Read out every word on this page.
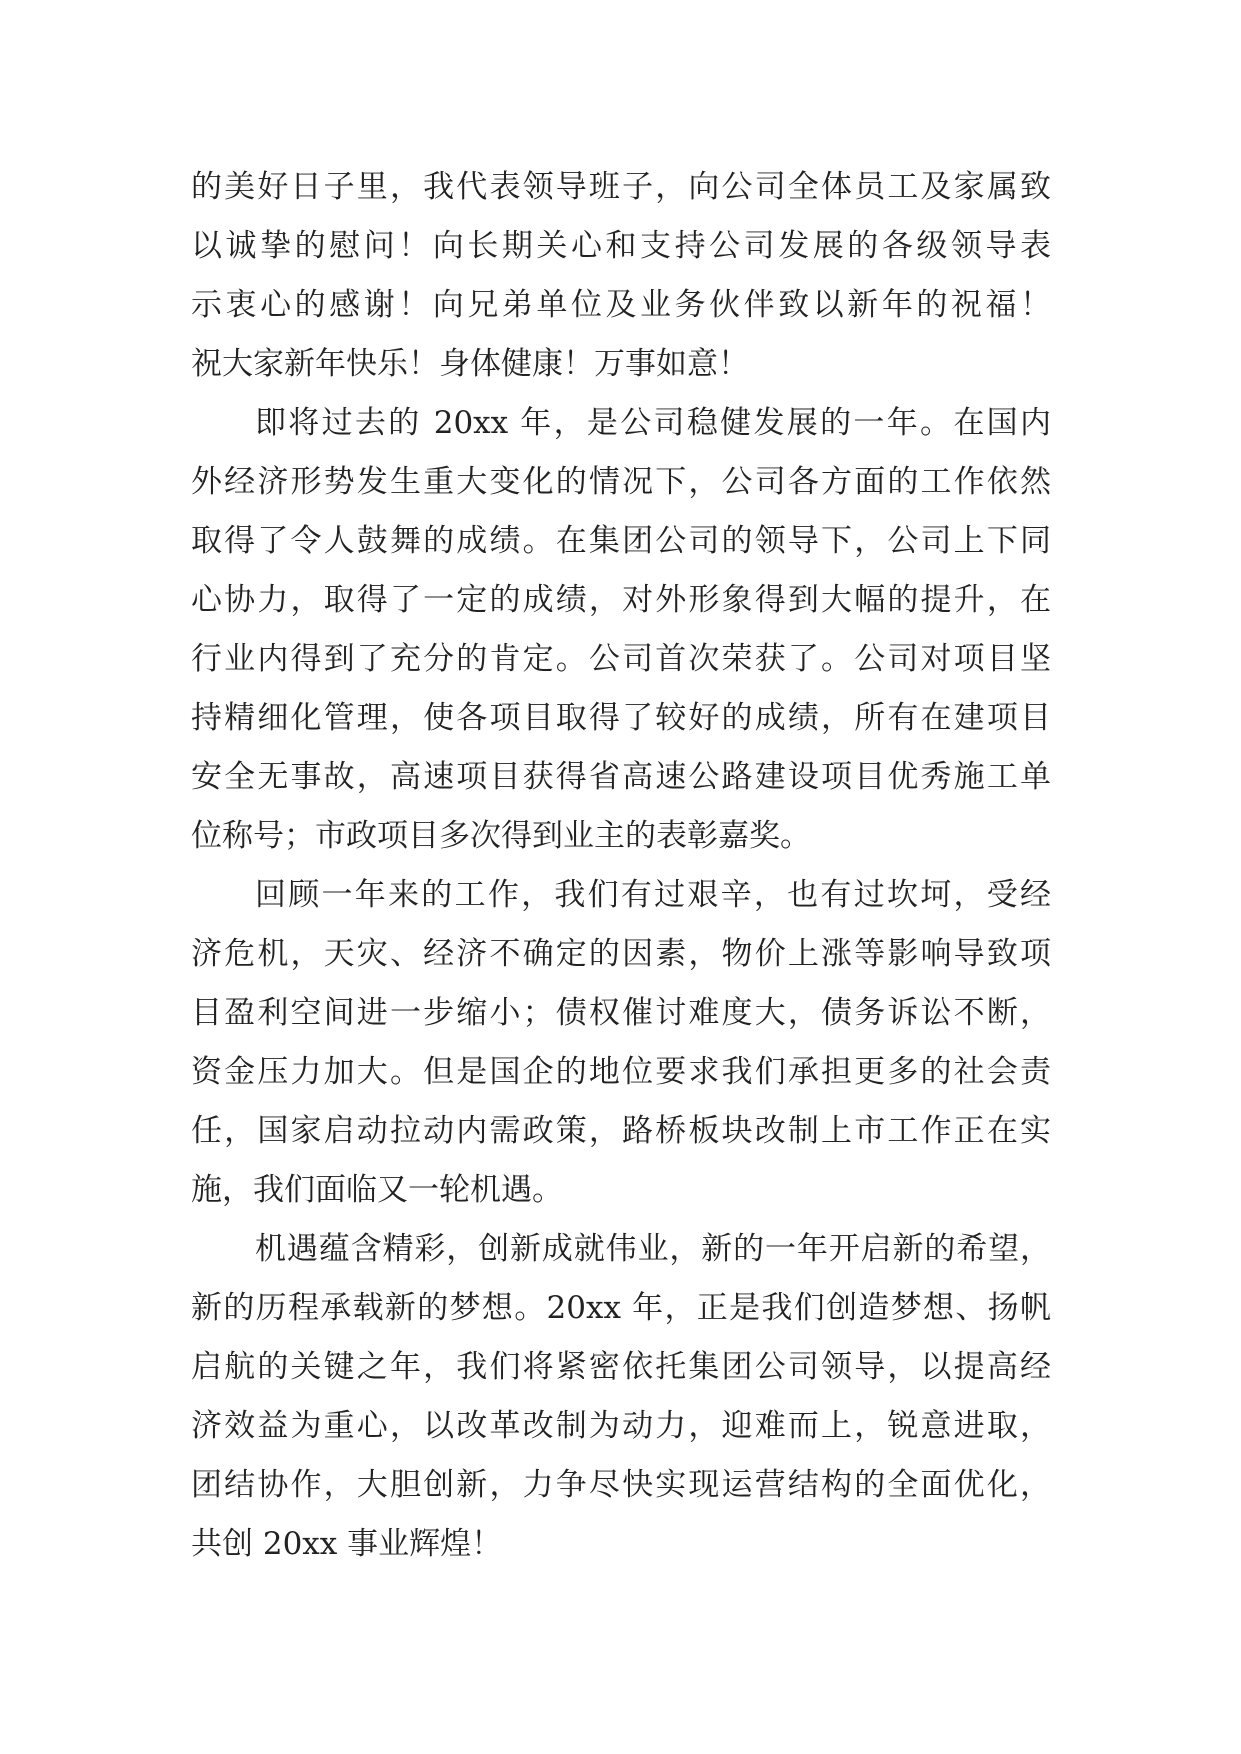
的美好日子里，我代表领导班子，向公司全体员工及家属致
以诚挚的慰问！向长期关心和支持公司发展的各级领导表
示衷心的感谢！向兄弟单位及业务伙伴致以新年的祝福！
祝大家新年快乐！身体健康！万事如意！
即将过去的 20xx 年，是公司稳健发展的一年。在国内
外经济形势发生重大变化的情况下，公司各方面的工作依然
取得了令人鼓舞的成绩。在集团公司的领导下，公司上下同
心协力，取得了一定的成绩，对外形象得到大幅的提升，在
行业内得到了充分的肯定。公司首次荣获了。公司对项目坚
持精细化管理，使各项目取得了较好的成绩，所有在建项目
安全无事故，高速项目获得省高速公路建设项目优秀施工单
位称号；市政项目多次得到业主的表彰嘉奖。
回顾一年来的工作，我们有过艰辛，也有过坎坷，受经
济危机，天灾、经济不确定的因素，物价上涨等影响导致项
目盈利空间进一步缩小；债权催讨难度大，债务诉讼不断，
资金压力加大。但是国企的地位要求我们承担更多的社会责
任，国家启动拉动内需政策，路桥板块改制上市工作正在实
施，我们面临又一轮机遇。
机遇蕴含精彩，创新成就伟业，新的一年开启新的希望，
新的历程承载新的梦想。20xx 年，正是我们创造梦想、扬帆
启航的关键之年，我们将紧密依托集团公司领导，以提高经
济效益为重心，以改革改制为动力，迎难而上，锐意进取，
团结协作，大胆创新，力争尽快实现运营结构的全面优化，
共创 20xx 事业辉煌！
